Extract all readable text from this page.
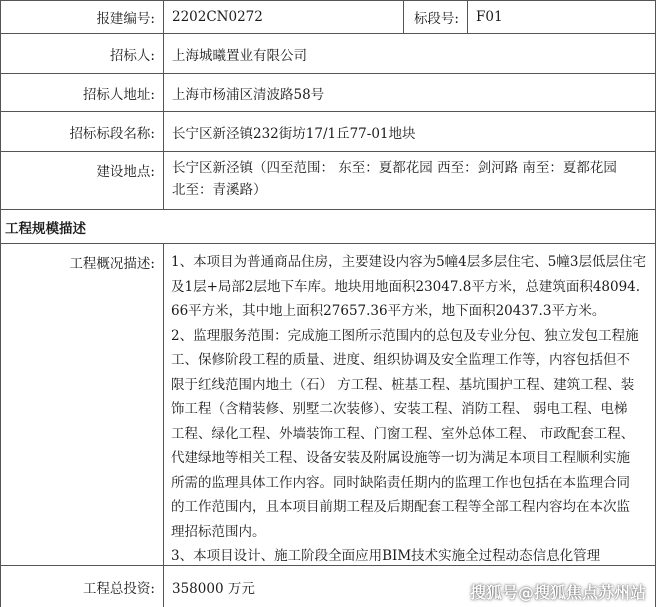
报建编号:	2202CN0272	标段号:	F01
招标人:	上海城曦置业有限公司
招标人地址:	上海市杨浦区清波路58号
招标标段名称:	长宁区新泾镇232街坊17/1丘77-01地块
建设地点:	长宁区新泾镇（四至范围： 东至：夏都花园 西至：剑河路 南至：夏都花园
北至：青溪路）
工程规模描述
工程概况描述:	1、本项目为普通商品住房，主要建设内容为5幢4层多层住宅、5幢3层低层住宅
及1层+局部2层地下车库。地块用地面积23047.8平方米，总建筑面积48094.
66平方米，其中地上面积27657.36平方米，地下面积20437.3平方米。
2、监理服务范围：完成施工图所示范围内的总包及专业分包、独立发包工程施
工、保修阶段工程的质量、进度、组织协调及安全监理工作等，内容包括但不
限于红线范围内地土（石） 方工程、桩基工程、基坑围护工程、建筑工程、装
饰工程（含精装修、别墅二次装修）、安装工程、消防工程、 弱电工程、电梯
工程、绿化工程、外墙装饰工程、门窗工程、室外总体工程、 市政配套工程、
代建绿地等相关工程、设备安装及附属设施等一切为满足本项目工程顺利实施
所需的监理具体工作内容。同时缺陷责任期内的监理工作也包括在本监理合同
的工作范围内，且本项目前期工程及后期配套工程等全部工程内容均在本次监
理招标范围内。
3、本项目设计、施工阶段全面应用BIM技术实施全过程动态信息化管理
工程总投资:	358000 万元	搜狐号@搜狐焦点苏州站
